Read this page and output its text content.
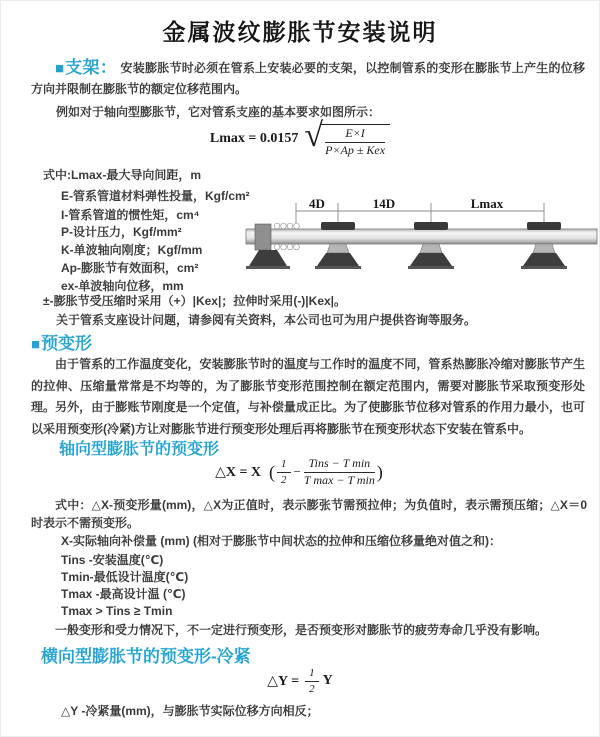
金属波纹膨胀节安装说明
■支架： 安装膨胀节时必须在管系上安装必要的支架，以控制管系的变形在膨胀节上产生的位移方向并限制在膨胀节的额定位移范围内。
例如对于轴向型膨胀节，它对管系支座的基本要求如图所示：
Lmax = 0.0157 √ $\frac{E\times I}{\text{P×Ap ± Kex}}$
式中:Lmax-最大导向间距，m
E-管系管道材料弹性投量，Kgf/cm²
I-管系管道的惯性矩，cm⁴
P-设计压力，Kgf/mm²
K-单波轴向刚度；Kgf/mm
Ap-膨胀节有效面积，cm²
ex-单波轴向位移，mm
±-膨胀节受压缩时采用（+）|Kex|；拉伸时采用(-)|Kex|。
关于管系支座设计问题，请参阅有关资料，本公司也可为用户提供咨询等服务。
4D	14D	Lmax
■预变形
由于管系的工作温度变化，安装膨胀节时的温度与工作时的温度不同，管系热膨胀冷缩对膨胀节产生的拉伸、压缩量常常是不均等的，为了膨胀节变形范围控制在额定范围内，需要对膨胀节采取预变形处理。另外，由于膨账节刚度是一个定值，与补偿量成正比。为了使膨胀节位移对管系的作用力最小，也可以采用预变形(冷紧)方让对膨胀节进行预变形处理后再将膨胀节在预变形状态下安装在管系中。
轴向型膨胀节的预变形
△X = X ( $\frac{1}{2} - \frac{\text{Tins − T min}}{\text{T max − T min}}$ )
式中：△X-预变形量(mm)，△X为正值时，表示膨张节需预拉伸；为负值时，表示需预压缩；△X＝0时表示不需预变形。
X-实际轴向补偿量 (mm) (相对于膨胀节中间状态的拉伸和压缩位移量绝对值之和)：
Tins -安装温度(℃)
Tmin-最低设计温度(℃)
Tmax -最高设计温 (℃)
Tmax > Tins ≥ Tmin
一般变形和受力情况下，不一定进行预变形，是否预变形对膨胀节的疲劳寿命几乎没有影响。
横向型膨胀节的预变形-冷紧
△Y = $\frac{1}{2}$ Y
△Y -冷紧量(mm)，与膨胀节实际位移方向相反；
